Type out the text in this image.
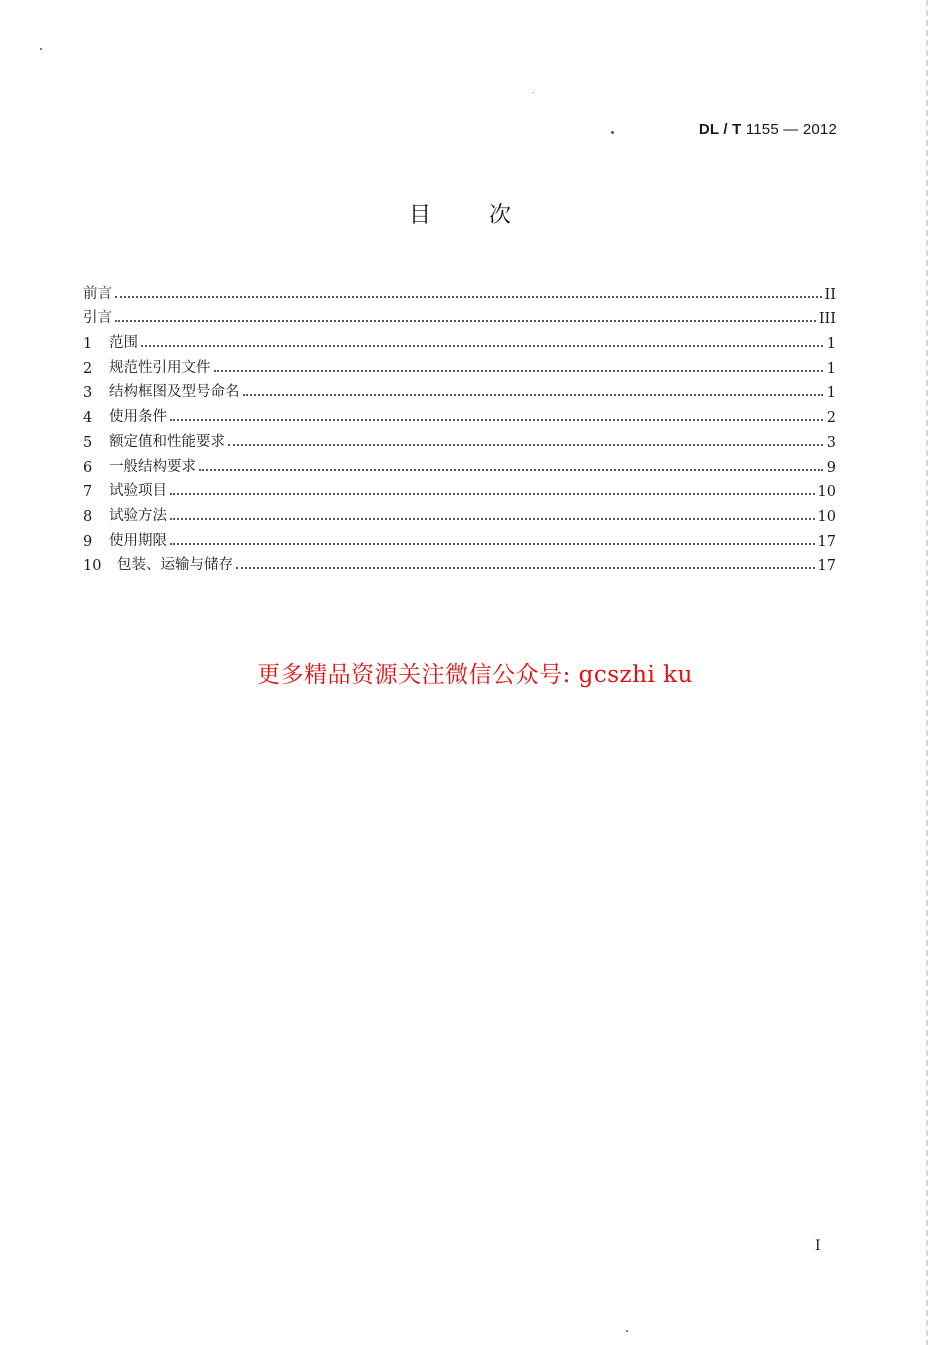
DL / T 1155 — 2012
目次
前言	II
引言	III
1	范围	1
2	规范性引用文件	1
3	结构框图及型号命名	1
4	使用条件	2
5	额定值和性能要求	3
6	一般结构要求	9
7	试验项目	10
8	试验方法	10
9	使用期限	17
10	包装、运输与储存	17
更多精品资源关注微信公众号: gcszhi ku
I
